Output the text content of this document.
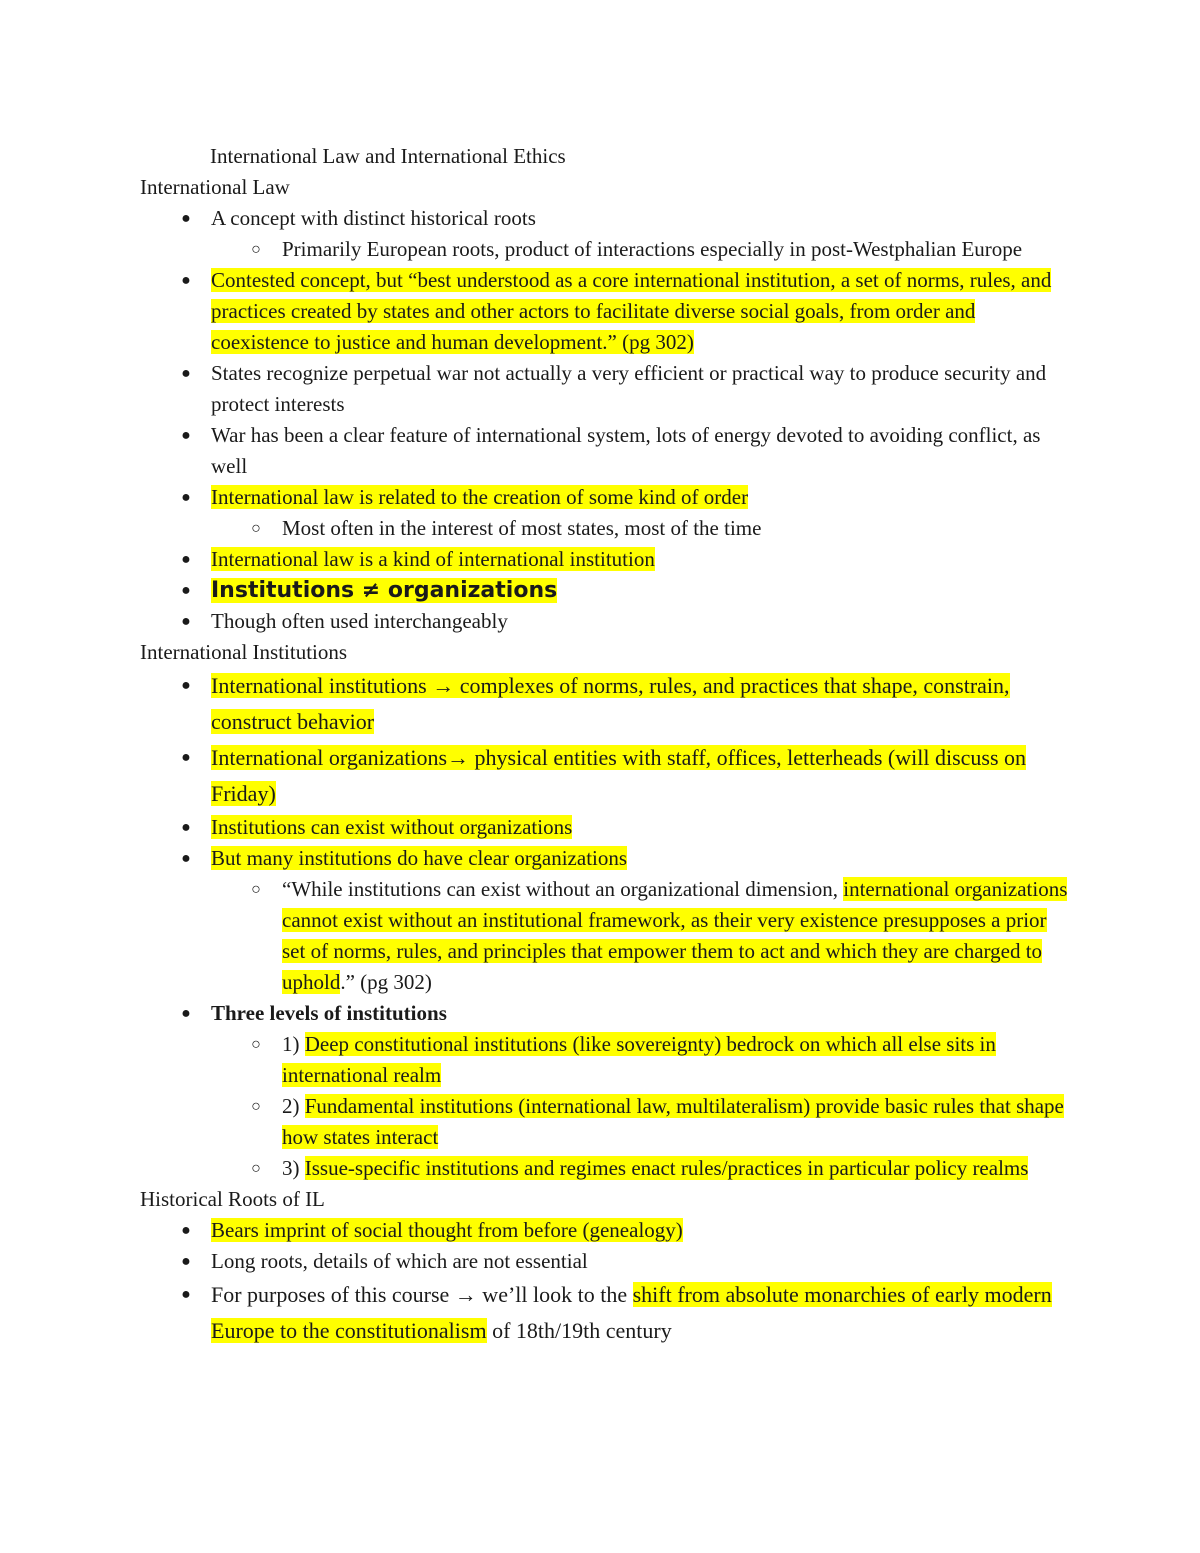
International Law and International Ethics
International Law
● A concept with distinct historical roots
○ Primarily European roots, product of interactions especially in post-Westphalian Europe
● Contested concept, but “best understood as a core international institution, a set of norms, rules, and practices created by states and other actors to facilitate diverse social goals, from order and coexistence to justice and human development.” (pg 302)
● States recognize perpetual war not actually a very efficient or practical way to produce security and protect interests
● War has been a clear feature of international system, lots of energy devoted to avoiding conflict, as well
● International law is related to the creation of some kind of order
○ Most often in the interest of most states, most of the time
● International law is a kind of international institution
● Institutions ≠ organizations
● Though often used interchangeably
International Institutions
● International institutions → complexes of norms, rules, and practices that shape, constrain, construct behavior
● International organizations→ physical entities with staff, offices, letterheads (will discuss on Friday)
● Institutions can exist without organizations
● But many institutions do have clear organizations
○ “While institutions can exist without an organizational dimension, international organizations cannot exist without an institutional framework, as their very existence presupposes a prior set of norms, rules, and principles that empower them to act and which they are charged to uphold.” (pg 302)
● Three levels of institutions
○ 1) Deep constitutional institutions (like sovereignty) bedrock on which all else sits in international realm
○ 2) Fundamental institutions (international law, multilateralism) provide basic rules that shape how states interact
○ 3) Issue-specific institutions and regimes enact rules/practices in particular policy realms
Historical Roots of IL
● Bears imprint of social thought from before (genealogy)
● Long roots, details of which are not essential
● For purposes of this course → we’ll look to the shift from absolute monarchies of early modern Europe to the constitutionalism of 18th/19th century
